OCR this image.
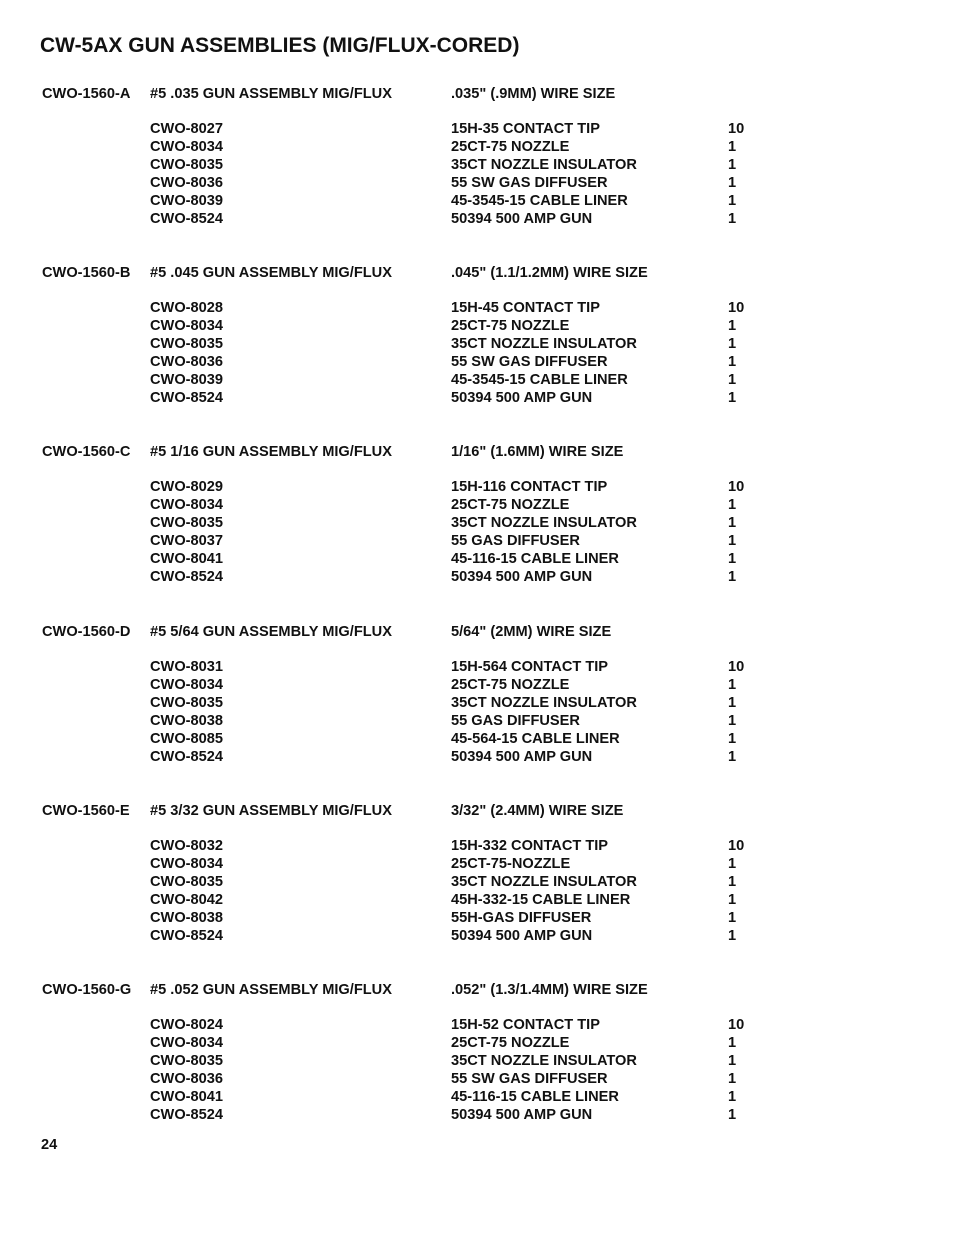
CW-5AX GUN ASSEMBLIES (MIG/FLUX-CORED)
CWO-1560-A #5 .035 GUN ASSEMBLY MIG/FLUX	.035" (.9MM) WIRE SIZE
CWO-8027	15H-35 CONTACT TIP	10
CWO-8034	25CT-75 NOZZLE	1
CWO-8035	35CT NOZZLE INSULATOR	1
CWO-8036	55 SW GAS DIFFUSER	1
CWO-8039	45-3545-15 CABLE LINER	1
CWO-8524	50394 500 AMP GUN	1
CWO-1560-B #5 .045 GUN ASSEMBLY MIG/FLUX	.045" (1.1/1.2MM) WIRE SIZE
CWO-8028	15H-45 CONTACT TIP	10
CWO-8034	25CT-75 NOZZLE	1
CWO-8035	35CT NOZZLE INSULATOR	1
CWO-8036	55 SW GAS DIFFUSER	1
CWO-8039	45-3545-15 CABLE LINER	1
CWO-8524	50394 500 AMP GUN	1
CWO-1560-C #5 1/16 GUN ASSEMBLY MIG/FLUX	1/16" (1.6MM) WIRE SIZE
CWO-8029	15H-116 CONTACT TIP	10
CWO-8034	25CT-75 NOZZLE	1
CWO-8035	35CT NOZZLE INSULATOR	1
CWO-8037	55 GAS DIFFUSER	1
CWO-8041	45-116-15 CABLE LINER	1
CWO-8524	50394 500 AMP GUN	1
CWO-1560-D #5 5/64 GUN ASSEMBLY MIG/FLUX	5/64" (2MM) WIRE SIZE
CWO-8031	15H-564 CONTACT TIP	10
CWO-8034	25CT-75 NOZZLE	1
CWO-8035	35CT NOZZLE INSULATOR	1
CWO-8038	55 GAS DIFFUSER	1
CWO-8085	45-564-15 CABLE LINER	1
CWO-8524	50394 500 AMP GUN	1
CWO-1560-E #5 3/32 GUN ASSEMBLY MIG/FLUX	3/32" (2.4MM) WIRE SIZE
CWO-8032	15H-332 CONTACT TIP	10
CWO-8034	25CT-75-NOZZLE	1
CWO-8035	35CT NOZZLE INSULATOR	1
CWO-8042	45H-332-15 CABLE LINER	1
CWO-8038	55H-GAS DIFFUSER	1
CWO-8524	50394 500 AMP GUN	1
CWO-1560-G #5 .052 GUN ASSEMBLY MIG/FLUX	.052" (1.3/1.4MM) WIRE SIZE
CWO-8024	15H-52 CONTACT TIP	10
CWO-8034	25CT-75 NOZZLE	1
CWO-8035	35CT NOZZLE INSULATOR	1
CWO-8036	55 SW GAS DIFFUSER	1
CWO-8041	45-116-15 CABLE LINER	1
CWO-8524	50394 500 AMP GUN	1
24
